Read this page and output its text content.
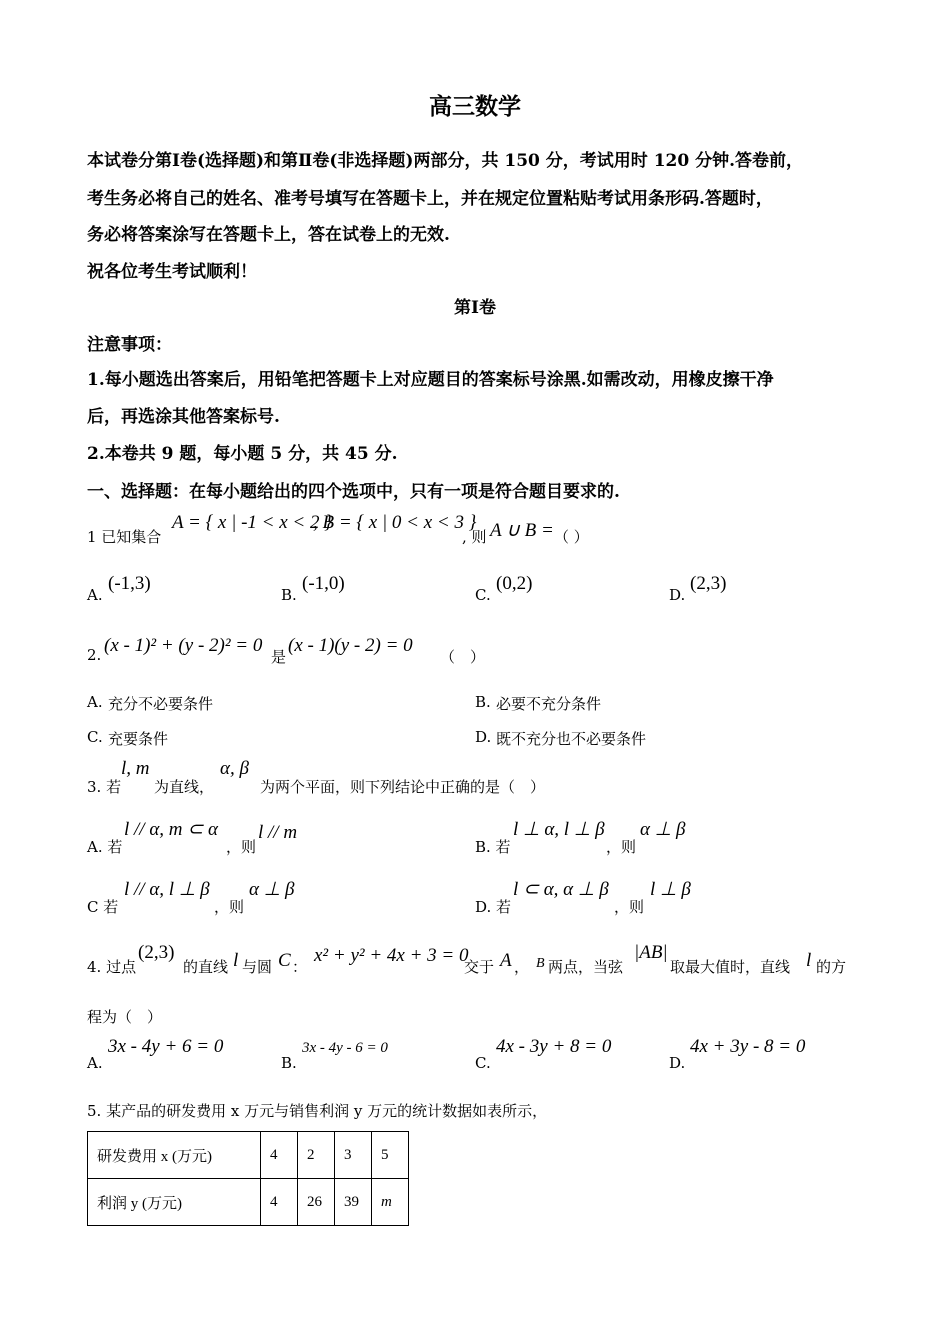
高三数学
本试卷分第Ⅰ卷(选择题)和第Ⅱ卷(非选择题)两部分，共 150 分，考试用时 120 分钟.答卷前，
考生务必将自己的姓名、准考号填写在答题卡上，并在规定位置粘贴考试用条形码.答题时，
务必将答案涂写在答题卡上，答在试卷上的无效.
祝各位考生考试顺利！
第Ⅰ卷
注意事项：
1.每小题选出答案后，用铅笔把答题卡上对应题目的答案标号涂黑.如需改动，用橡皮擦干净
后，再选涂其他答案标号.
2.本卷共 9 题，每小题 5 分，共 45 分.
一、选择题：在每小题给出的四个选项中，只有一项是符合题目要求的.
1 已知集合
A = { x | -1 < x < 2 }
, B = { x | 0 < x < 3 }
, 则 A ∪ B = （ ）
A.
(-1,3)
B.
(-1,0)
C.
(0,2)
D.
(2,3)
2. (x - 1)² + (y - 2)² = 0
是
(x - 1)(y - 2) = 0
（　）
A. 充分不必要条件	B. 必要不充分条件
C. 充要条件	D. 既不充分也不必要条件
3. 若
l, m
为直线，
α, β
为两个平面，则下列结论中正确的是（　）
A. 若
l // α, m ⊂ α
，则
l // m
B. 若
l ⊥ α, l ⊥ β
，则
α ⊥ β
C 若
l // α, l ⊥ β
，则
α ⊥ β
D. 若
l ⊂ α, α ⊥ β
，则
l ⊥ β
4. 过点
(2,3)
的直线 l 与圆 C ：
x² + y² + 4x + 3 = 0
交于 A ， B 两点，当弦
|AB|
取最大值时，直线 l 的方
程为（　）
A.
3x - 4y + 6 = 0
B.
3x - 4y - 6 = 0
C.
4x - 3y + 8 = 0
D.
4x + 3y - 8 = 0
5. 某产品的研发费用 x 万元与销售利润 y 万元的统计数据如表所示，
研发费用 x (万元)	4	2	3	5
利润 y (万元)	4	26	39	m
